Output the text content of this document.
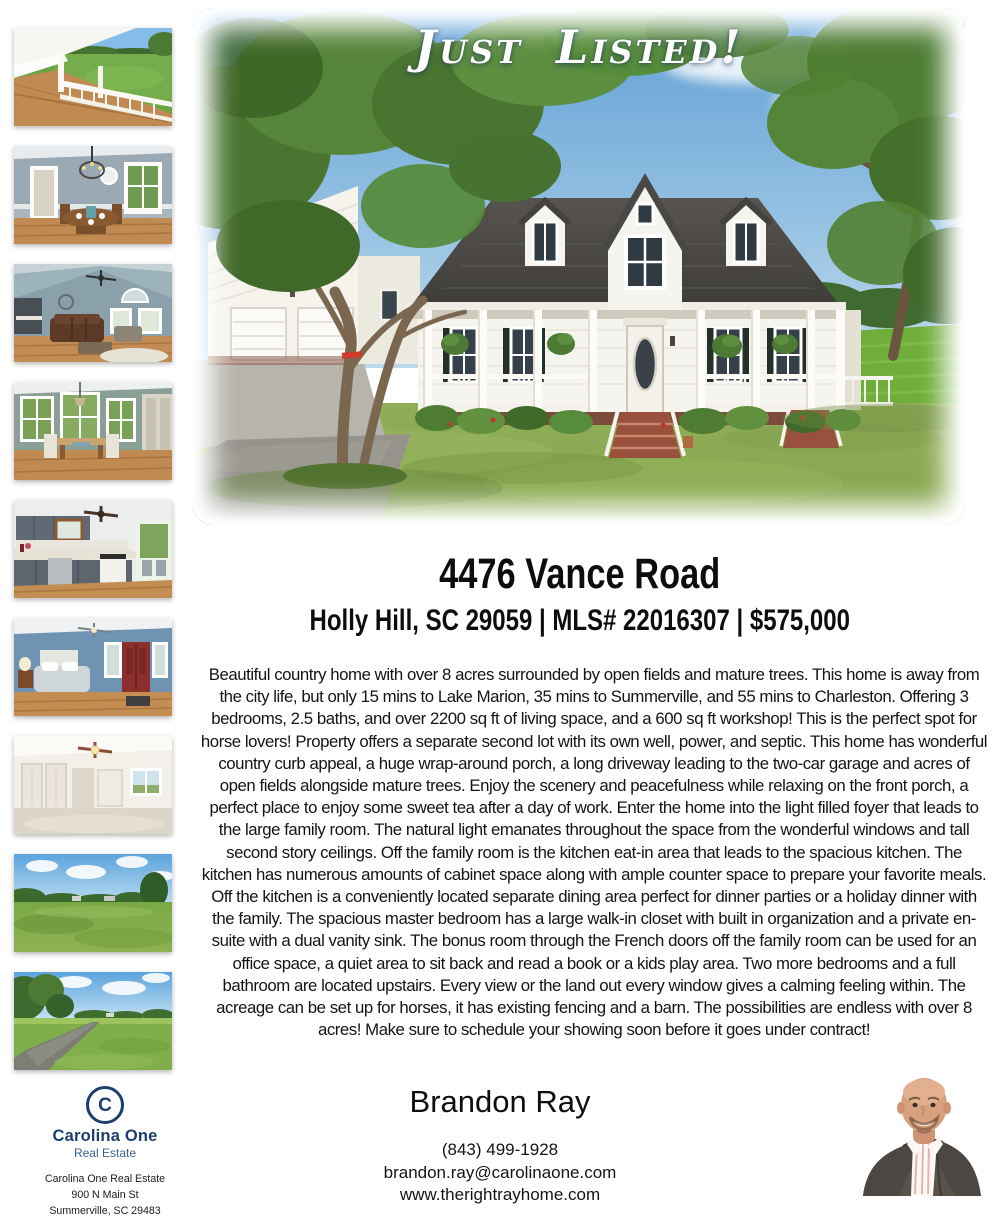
Just Listed!
4476 Vance Road
Holly Hill, SC 29059 | MLS# 22016307 | $575,000
Beautiful country home with over 8 acres surrounded by open fields and mature trees. This home is away from the city life, but only 15 mins to Lake Marion, 35 mins to Summerville, and 55 mins to Charleston. Offering 3 bedrooms, 2.5 baths, and over 2200 sq ft of living space, and a 600 sq ft workshop! This is the perfect spot for horse lovers! Property offers a separate second lot with its own well, power, and septic. This home has wonderful country curb appeal, a huge wrap-around porch, a long driveway leading to the two-car garage and acres of open fields alongside mature trees. Enjoy the scenery and peacefulness while relaxing on the front porch, a perfect place to enjoy some sweet tea after a day of work. Enter the home into the light filled foyer that leads to the large family room. The natural light emanates throughout the space from the wonderful windows and tall second story ceilings. Off the family room is the kitchen eat-in area that leads to the spacious kitchen. The kitchen has numerous amounts of cabinet space along with ample counter space to prepare your favorite meals. Off the kitchen is a conveniently located separate dining area perfect for dinner parties or a holiday dinner with the family. The spacious master bedroom has a large walk-in closet with built in organization and a private en-suite with a dual vanity sink. The bonus room through the French doors off the family room can be used for an office space, a quiet area to sit back and read a book or a kids play area. Two more bedrooms and a full bathroom are located upstairs. Every view or the land out every window gives a calming feeling within. The acreage can be set up for horses, it has existing fencing and a barn. The possibilities are endless with over 8 acres! Make sure to schedule your showing soon before it goes under contract!
Brandon Ray
(843) 499-1928
brandon.ray@carolinaone.com
www.therightrayhome.com
C
Carolina One
Real Estate
Carolina One Real Estate
900 N Main St
Summerville, SC 29483
